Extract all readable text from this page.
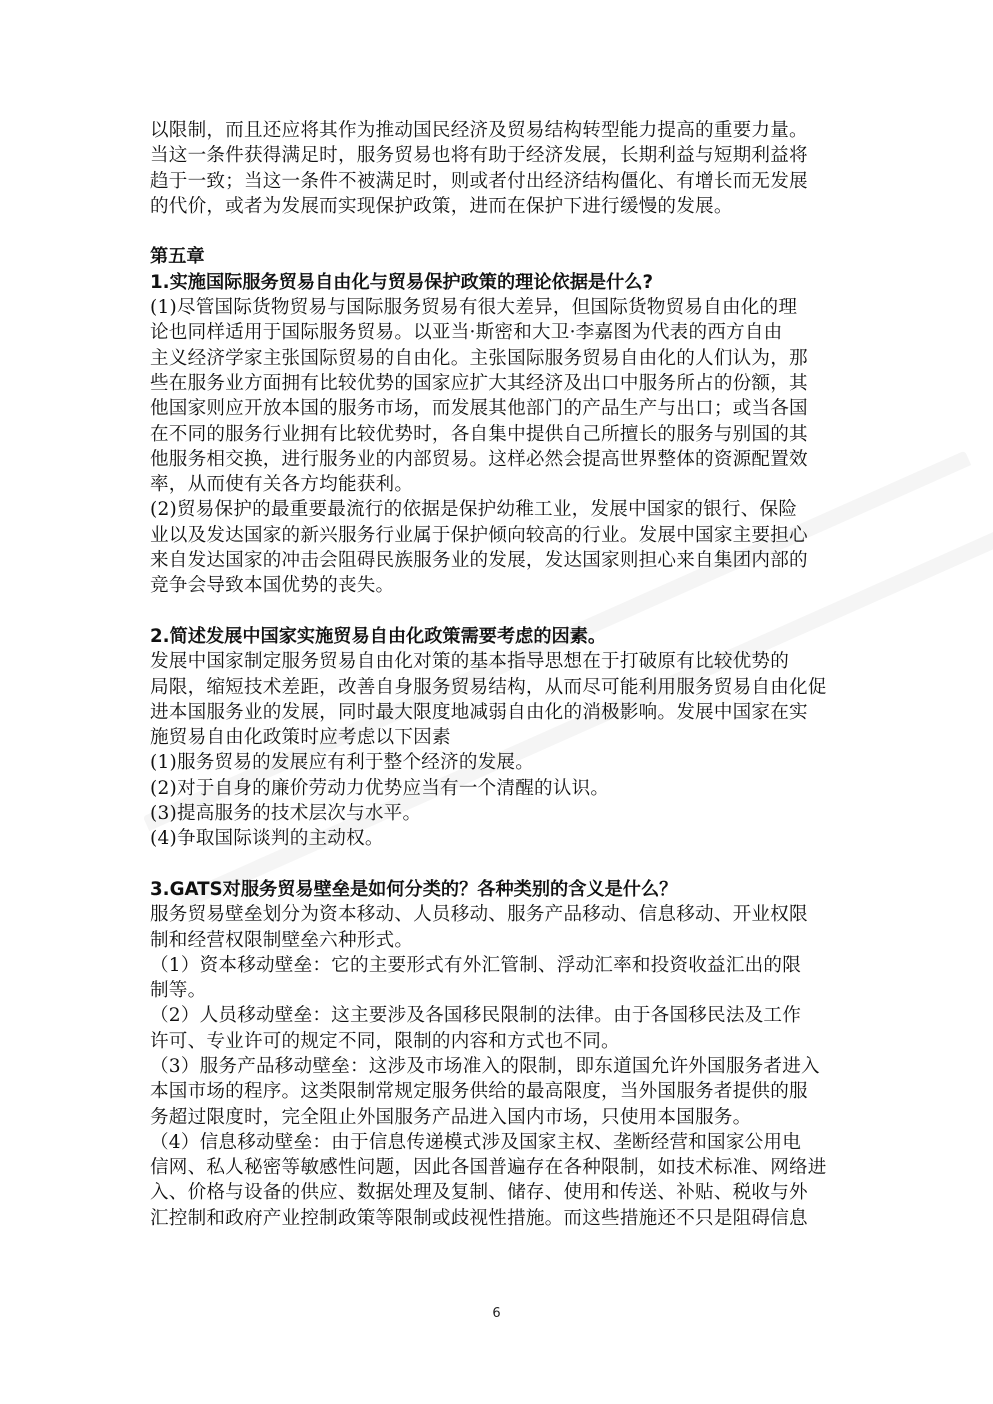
以限制，而且还应将其作为推动国民经济及贸易结构转型能力提高的重要力量。
当这一条件获得满足时，服务贸易也将有助于经济发展，长期利益与短期利益将
趋于一致；当这一条件不被满足时，则或者付出经济结构僵化、有增长而无发展
的代价，或者为发展而实现保护政策，进而在保护下进行缓慢的发展。
第五章
1.实施国际服务贸易自由化与贸易保护政策的理论依据是什么?
(1)尽管国际货物贸易与国际服务贸易有很大差异，但国际货物贸易自由化的理
论也同样适用于国际服务贸易。以亚当·斯密和大卫·李嘉图为代表的西方自由
主义经济学家主张国际贸易的自由化。主张国际服务贸易自由化的人们认为，那
些在服务业方面拥有比较优势的国家应扩大其经济及出口中服务所占的份额，其
他国家则应开放本国的服务市场，而发展其他部门的产品生产与出口；或当各国
在不同的服务行业拥有比较优势时，各自集中提供自己所擅长的服务与别国的其
他服务相交换，进行服务业的内部贸易。这样必然会提高世界整体的资源配置效
率，从而使有关各方均能获利。
(2)贸易保护的最重要最流行的依据是保护幼稚工业，发展中国家的银行、保险
业以及发达国家的新兴服务行业属于保护倾向较高的行业。发展中国家主要担心
来自发达国家的冲击会阻碍民族服务业的发展，发达国家则担心来自集团内部的
竞争会导致本国优势的丧失。
2.简述发展中国家实施贸易自由化政策需要考虑的因素。
发展中国家制定服务贸易自由化对策的基本指导思想在于打破原有比较优势的
局限，缩短技术差距，改善自身服务贸易结构，从而尽可能利用服务贸易自由化促
进本国服务业的发展，同时最大限度地减弱自由化的消极影响。发展中国家在实
施贸易自由化政策时应考虑以下因素
(1)服务贸易的发展应有利于整个经济的发展。
(2)对于自身的廉价劳动力优势应当有一个清醒的认识。
(3)提高服务的技术层次与水平。
(4)争取国际谈判的主动权。
3.GATS对服务贸易壁垒是如何分类的？各种类别的含义是什么？
服务贸易壁垒划分为资本移动、人员移动、服务产品移动、信息移动、开业权限
制和经营权限制壁垒六种形式。
（1）资本移动壁垒：它的主要形式有外汇管制、浮动汇率和投资收益汇出的限
制等。
（2）人员移动壁垒：这主要涉及各国移民限制的法律。由于各国移民法及工作
许可、专业许可的规定不同，限制的内容和方式也不同。
（3）服务产品移动壁垒：这涉及市场准入的限制，即东道国允许外国服务者进入
本国市场的程序。这类限制常规定服务供给的最高限度，当外国服务者提供的服
务超过限度时，完全阻止外国服务产品进入国内市场，只使用本国服务。
（4）信息移动壁垒：由于信息传递模式涉及国家主权、垄断经营和国家公用电
信网、私人秘密等敏感性问题，因此各国普遍存在各种限制，如技术标准、网络进
入、价格与设备的供应、数据处理及复制、储存、使用和传送、补贴、税收与外
汇控制和政府产业控制政策等限制或歧视性措施。而这些措施还不只是阻碍信息
6
